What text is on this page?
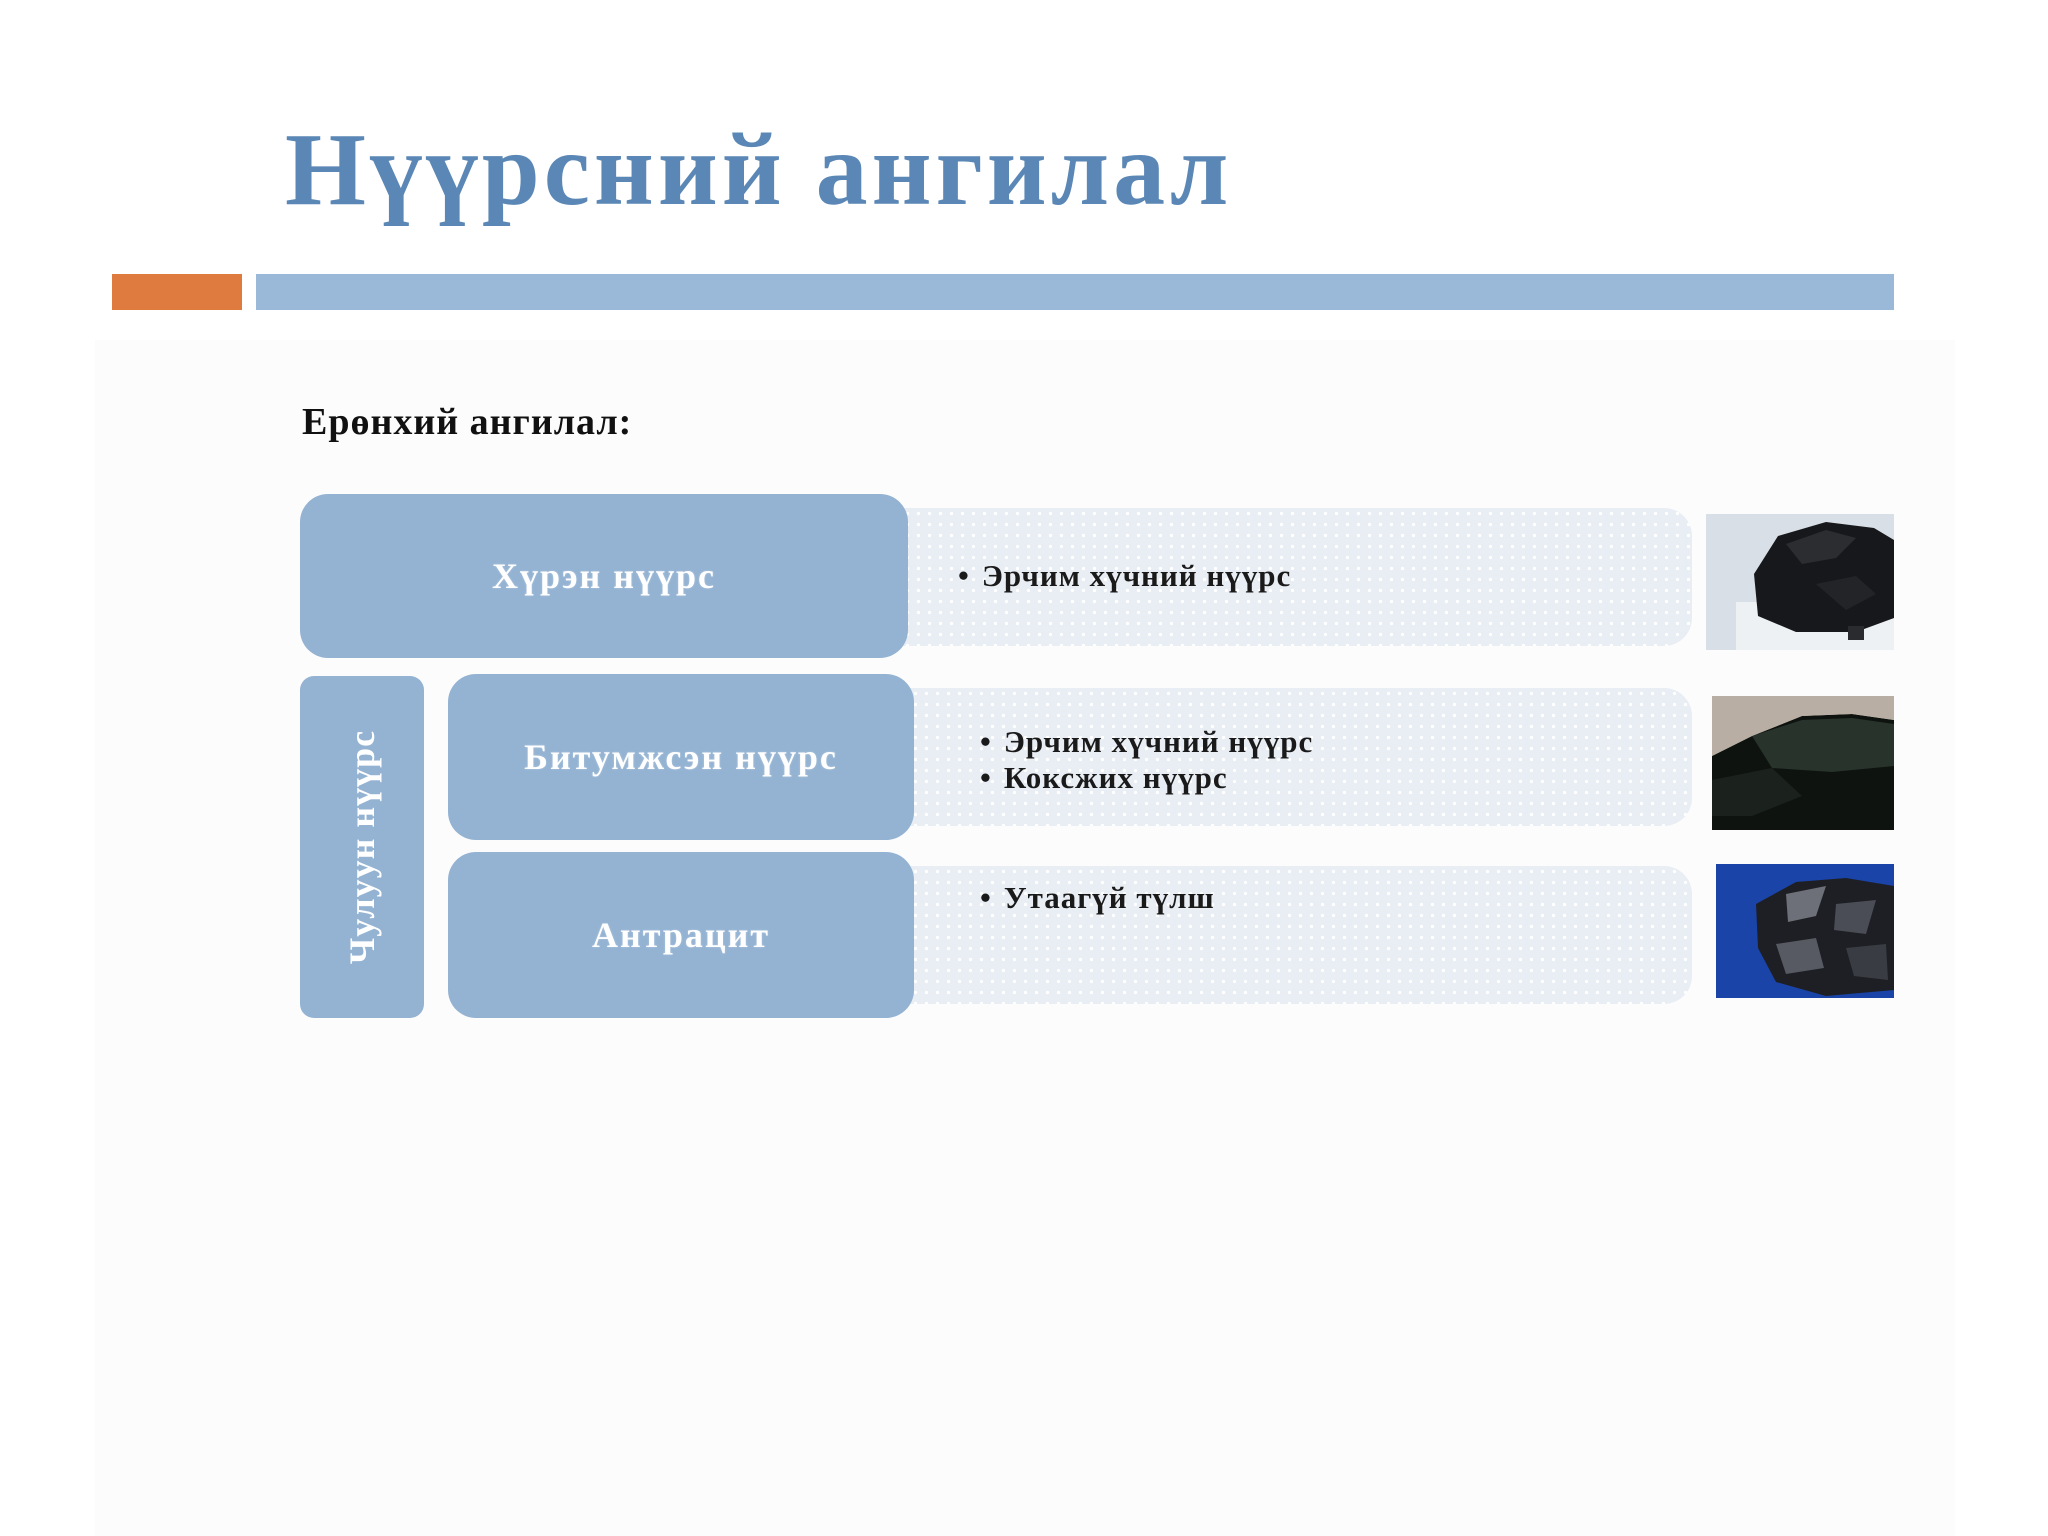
Нүүрсний ангилал
Ерөнхий ангилал:
• Эрчим хүчний нүүрс
Хүрэн нүүрс
Чулуун нүүрс
•	Эрчим хүчний нүүрс
• Коксжих нүүрс
Битумжсэн нүүрс
• Утаагүй түлш
Антрацит
